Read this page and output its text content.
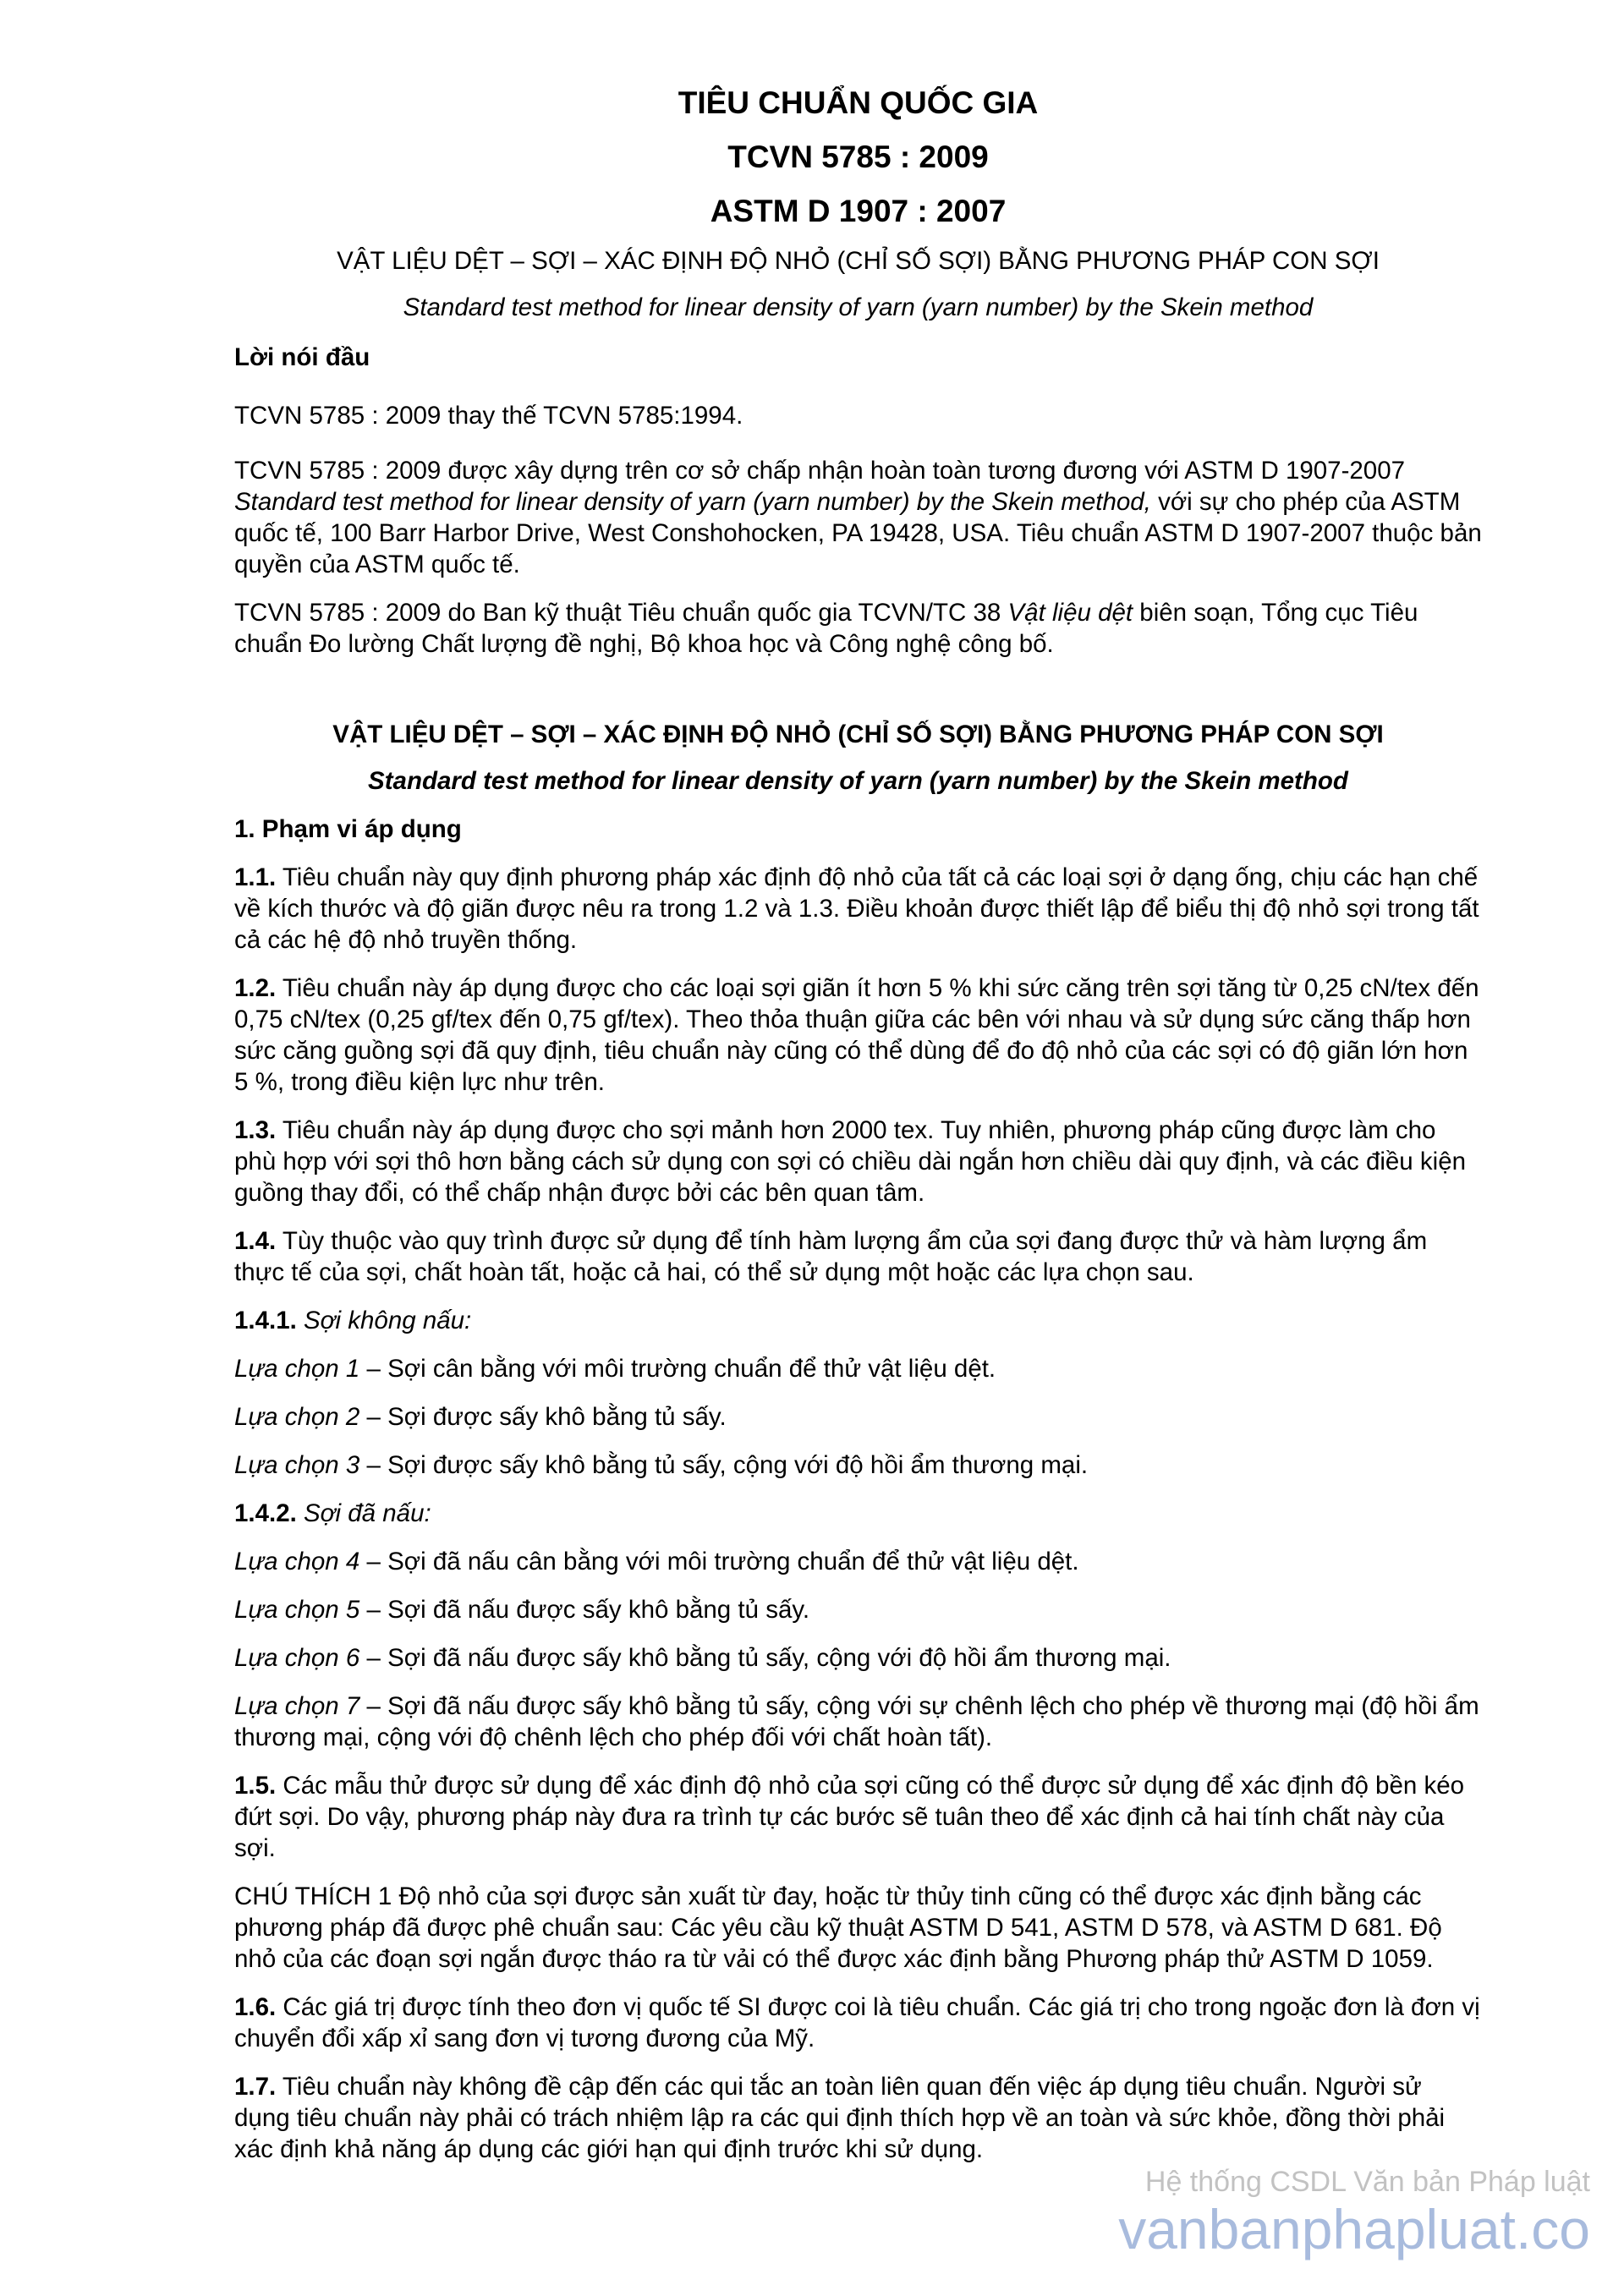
TIÊU CHUẨN QUỐC GIA

TCVN 5785 : 2009

ASTM D 1907 : 2007

VẬT LIỆU DỆT – SỢI – XÁC ĐỊNH ĐỘ NHỎ (CHỈ SỐ SỢI) BẰNG PHƯƠNG PHÁP CON SỢI

Standard test method for linear density of yarn (yarn number) by the Skein method

Lời nói đầu

TCVN 5785 : 2009 thay thế TCVN 5785:1994.

TCVN 5785 : 2009 được xây dựng trên cơ sở chấp nhận hoàn toàn tương đương với ASTM D 1907-2007 Standard test method for linear density of yarn (yarn number) by the Skein method, với sự cho phép của ASTM quốc tế, 100 Barr Harbor Drive, West Conshohocken, PA 19428, USA. Tiêu chuẩn ASTM D 1907-2007 thuộc bản quyền của ASTM quốc tế.

TCVN 5785 : 2009 do Ban kỹ thuật Tiêu chuẩn quốc gia TCVN/TC 38 Vật liệu dệt biên soạn, Tổng cục Tiêu chuẩn Đo lường Chất lượng đề nghị, Bộ khoa học và Công nghệ công bố.

VẬT LIỆU DỆT – SỢI – XÁC ĐỊNH ĐỘ NHỎ (CHỈ SỐ SỢI) BẰNG PHƯƠNG PHÁP CON SỢI

Standard test method for linear density of yarn (yarn number) by the Skein method

1. Phạm vi áp dụng

1.1. Tiêu chuẩn này quy định phương pháp xác định độ nhỏ của tất cả các loại sợi ở dạng ống, chịu các hạn chế về kích thước và độ giãn được nêu ra trong 1.2 và 1.3. Điều khoản được thiết lập để biểu thị độ nhỏ sợi trong tất cả các hệ độ nhỏ truyền thống.

1.2. Tiêu chuẩn này áp dụng được cho các loại sợi giãn ít hơn 5 % khi sức căng trên sợi tăng từ 0,25 cN/tex đến 0,75 cN/tex (0,25 gf/tex đến 0,75 gf/tex). Theo thỏa thuận giữa các bên với nhau và sử dụng sức căng thấp hơn sức căng guồng sợi đã quy định, tiêu chuẩn này cũng có thể dùng để đo độ nhỏ của các sợi có độ giãn lớn hơn 5 %, trong điều kiện lực như trên.

1.3. Tiêu chuẩn này áp dụng được cho sợi mảnh hơn 2000 tex. Tuy nhiên, phương pháp cũng được làm cho phù hợp với sợi thô hơn bằng cách sử dụng con sợi có chiều dài ngắn hơn chiều dài quy định, và các điều kiện guồng thay đổi, có thể chấp nhận được bởi các bên quan tâm.

1.4. Tùy thuộc vào quy trình được sử dụng để tính hàm lượng ẩm của sợi đang được thử và hàm lượng ẩm thực tế của sợi, chất hoàn tất, hoặc cả hai, có thể sử dụng một hoặc các lựa chọn sau.

1.4.1. Sợi không nấu:

Lựa chọn 1 – Sợi cân bằng với môi trường chuẩn để thử vật liệu dệt.

Lựa chọn 2 – Sợi được sấy khô bằng tủ sấy.

Lựa chọn 3 – Sợi được sấy khô bằng tủ sấy, cộng với độ hồi ẩm thương mại.

1.4.2. Sợi đã nấu:

Lựa chọn 4 – Sợi đã nấu cân bằng với môi trường chuẩn để thử vật liệu dệt.

Lựa chọn 5 – Sợi đã nấu được sấy khô bằng tủ sấy.

Lựa chọn 6 – Sợi đã nấu được sấy khô bằng tủ sấy, cộng với độ hồi ẩm thương mại.

Lựa chọn 7 – Sợi đã nấu được sấy khô bằng tủ sấy, cộng với sự chênh lệch cho phép về thương mại (độ hồi ẩm thương mại, cộng với độ chênh lệch cho phép đối với chất hoàn tất).

1.5. Các mẫu thử được sử dụng để xác định độ nhỏ của sợi cũng có thể được sử dụng để xác định độ bền kéo đứt sợi. Do vậy, phương pháp này đưa ra trình tự các bước sẽ tuân theo để xác định cả hai tính chất này của sợi.

CHÚ THÍCH 1 Độ nhỏ của sợi được sản xuất từ đay, hoặc từ thủy tinh cũng có thể được xác định bằng các phương pháp đã được phê chuẩn sau: Các yêu cầu kỹ thuật ASTM D 541, ASTM D 578, và ASTM D 681. Độ nhỏ của các đoạn sợi ngắn được tháo ra từ vải có thể được xác định bằng Phương pháp thử ASTM D 1059.

1.6. Các giá trị được tính theo đơn vị quốc tế SI được coi là tiêu chuẩn. Các giá trị cho trong ngoặc đơn là đơn vị chuyển đổi xấp xỉ sang đơn vị tương đương của Mỹ.

1.7. Tiêu chuẩn này không đề cập đến các qui tắc an toàn liên quan đến việc áp dụng tiêu chuẩn. Người sử dụng tiêu chuẩn này phải có trách nhiệm lập ra các qui định thích hợp về an toàn và sức khỏe, đồng thời phải xác định khả năng áp dụng các giới hạn qui định trước khi sử dụng.

Hệ thống CSDL Văn bản Pháp luật
vanbanphapluat.co
